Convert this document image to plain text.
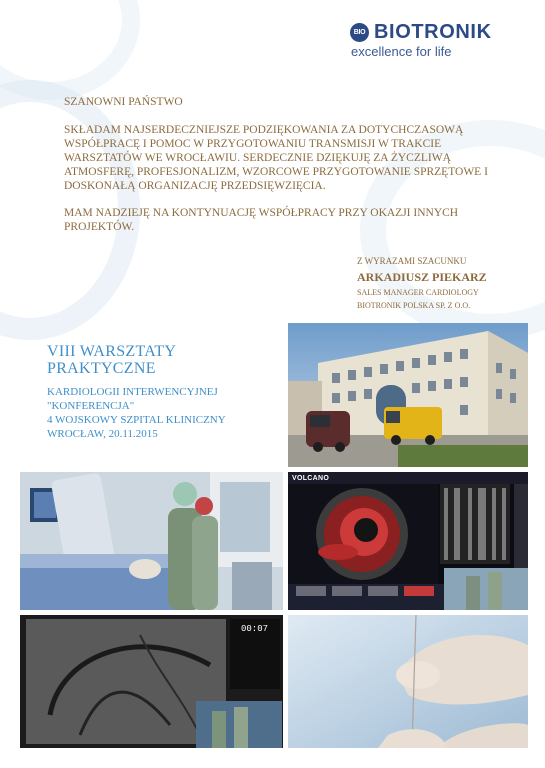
BIO BIOTRONIK
excellence for life

SZANOWNI PAŃSTWO

SKŁADAM NAJSERDECZNIEJSZE PODZIĘKOWANIA ZA DOTYCHCZASOWĄ WSPÓŁPRACĘ I POMOC W PRZYGOTOWANIU TRANSMISJI W TRAKCIE WARSZTATÓW WE WROCŁAWIU. SERDECZNIE DZIĘKUJĘ ZA ŻYCZLIWĄ ATMOSFERĘ, PROFESJONALIZM, WZORCOWE PRZYGOTOWANIE SPRZĘTOWE I DOSKONAŁĄ ORGANIZACJĘ PRZEDSIĘWZIĘCIA.

MAM NADZIEJĘ NA KONTYNUACJĘ WSPÓŁPRACY PRZY OKAZJI INNYCH PROJEKTÓW.

Z WYRAZAMI SZACUNKU
ARKADIUSZ PIEKARZ
SALES MANAGER CARDIOLOGY
BIOTRONIK POLSKA SP. Z O.O.
VIII WARSZTATY
PRAKTYCZNE
KARDIOLOGII INTERWENCYJNEJ
"KONFERENCJA"
4 WOJSKOWY SZPITAL KLINICZNY
WROCŁAW, 20.11.2015
VOLCANO
00:07
